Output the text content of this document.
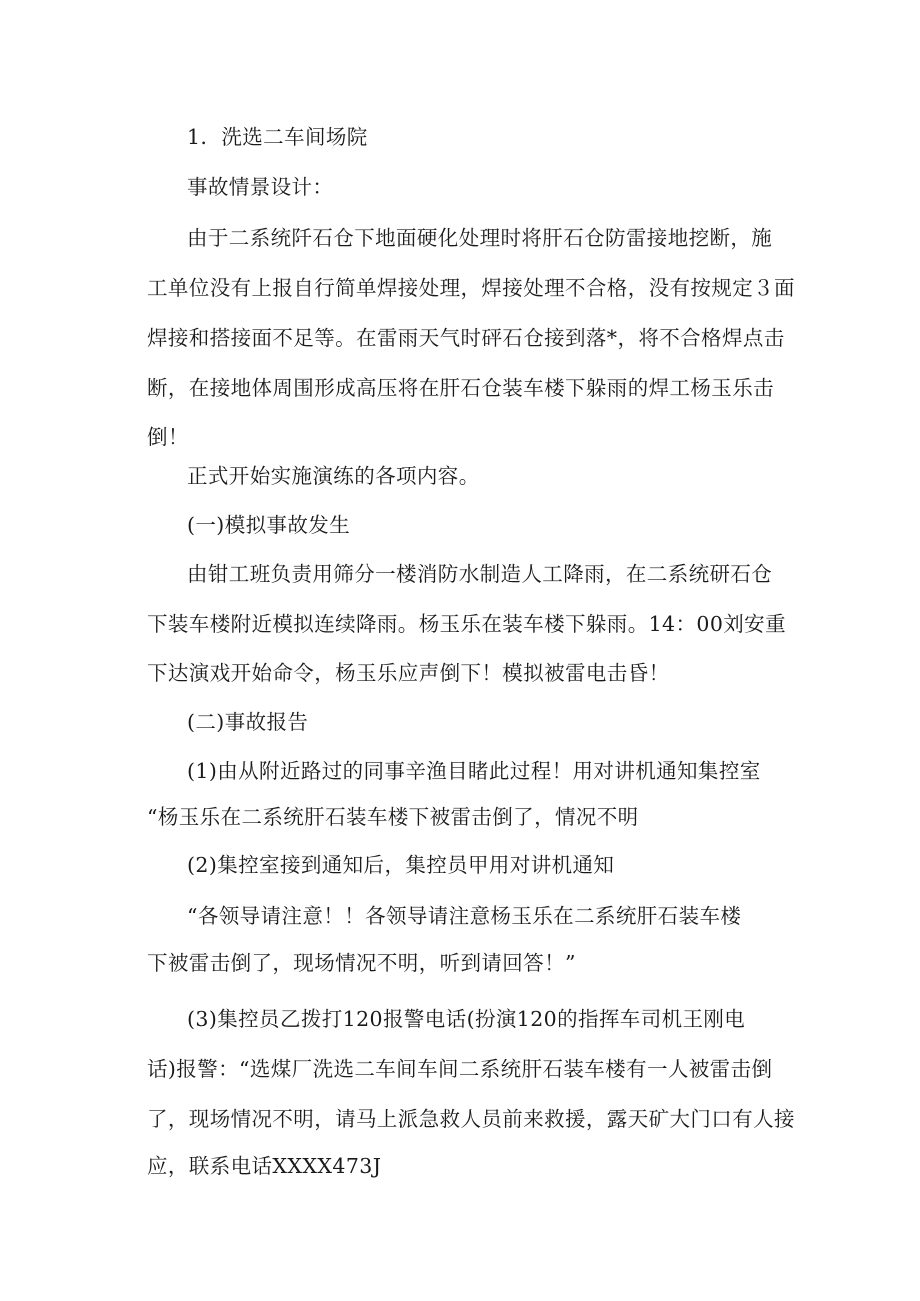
1．洗选二车间场院
事故情景设计：
由于二系统阡石仓下地面硬化处理时将肝石仓防雷接地挖断，施
工单位没有上报自行简单焊接处理，焊接处理不合格，没有按规定３面
焊接和搭接面不足等。在雷雨天气时砰石仓接到落*，将不合格焊点击
断，在接地体周围形成高压将在肝石仓装车楼下躲雨的焊工杨玉乐击
倒！
正式开始实施演练的各项内容。
(一)模拟事故发生
由钳工班负责用筛分一楼消防水制造人工降雨，在二系统研石仓
下装车楼附近模拟连续降雨。杨玉乐在装车楼下躲雨。14：00刘安重
下达演戏开始命令，杨玉乐应声倒下！模拟被雷电击昏！
(二)事故报告
(1)由从附近路过的同事辛渔目睹此过程！用对讲机通知集控室
“杨玉乐在二系统肝石装车楼下被雷击倒了，情况不明
(2)集控室接到通知后，集控员甲用对讲机通知
“各领导请注意！！各领导请注意杨玉乐在二系统肝石装车楼
下被雷击倒了，现场情况不明，听到请回答！”
(3)集控员乙拨打120报警电话(扮演120的指挥车司机王刚电
话)报警：“选煤厂洗选二车间车间二系统肝石装车楼有一人被雷击倒
了，现场情况不明，请马上派急救人员前来救援，露天矿大门口有人接
应，联系电话XXXX473J
